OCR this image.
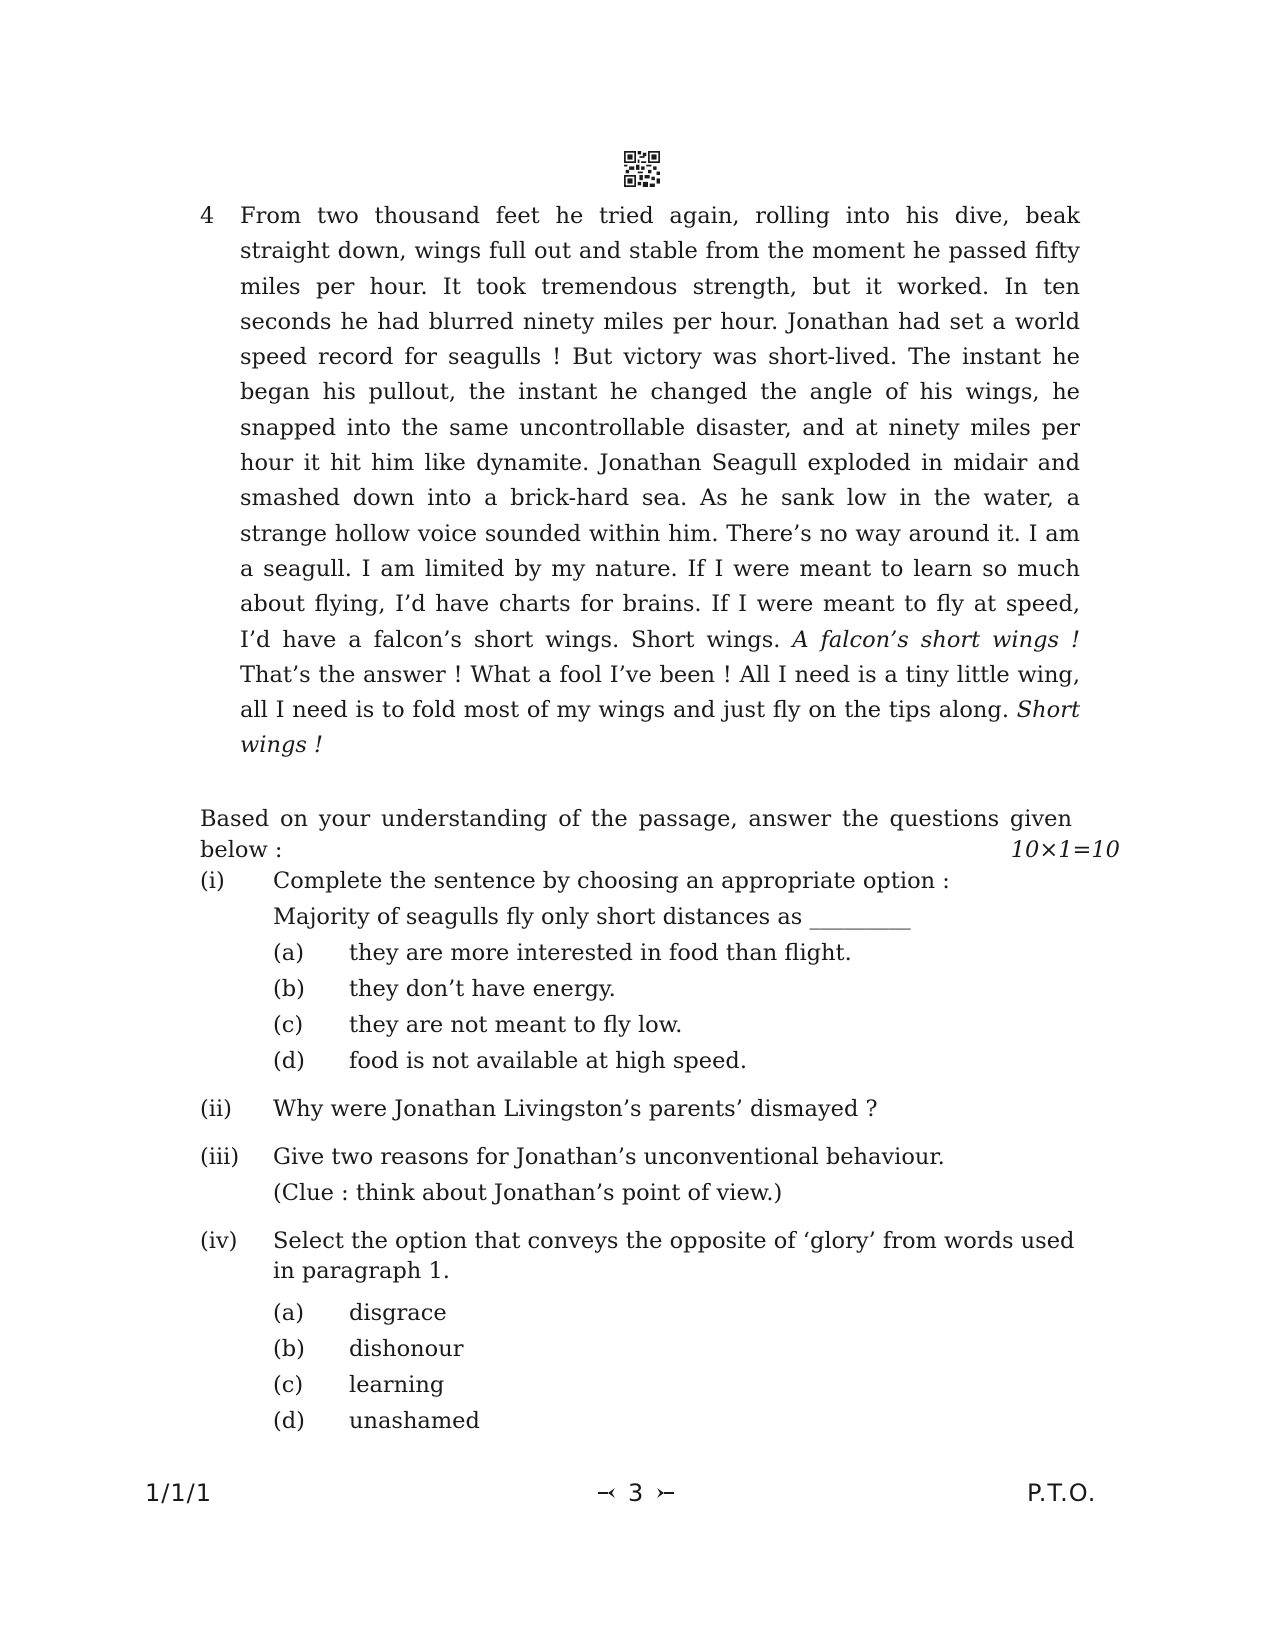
4 From two thousand feet he tried again, rolling into his dive, beak straight down, wings full out and stable from the moment he passed fifty miles per hour. It took tremendous strength, but it worked. In ten seconds he had blurred ninety miles per hour. Jonathan had set a world speed record for seagulls ! But victory was short-lived. The instant he began his pullout, the instant he changed the angle of his wings, he snapped into the same uncontrollable disaster, and at ninety miles per hour it hit him like dynamite. Jonathan Seagull exploded in midair and smashed down into a brick-hard sea. As he sank low in the water, a strange hollow voice sounded within him. There’s no way around it. I am a seagull. I am limited by my nature. If I were meant to learn so much about flying, I’d have charts for brains. If I were meant to fly at speed, I’d have a falcon’s short wings. Short wings. A falcon’s short wings ! That’s the answer ! What a fool I’ve been ! All I need is a tiny little wing, all I need is to fold most of my wings and just fly on the tips along. Short wings !

Based on your understanding of the passage, answer the questions given
below :	10×1=10
(i) Complete the sentence by choosing an appropriate option :
Majority of seagulls fly only short distances as _________
(a) they are more interested in food than flight.
(b) they don’t have energy.
(c) they are not meant to fly low.
(d) food is not available at high speed.
(ii) Why were Jonathan Livingston’s parents’ dismayed ?
(iii) Give two reasons for Jonathan’s unconventional behaviour.
(Clue : think about Jonathan’s point of view.)
(iv) Select the option that conveys the opposite of ‘glory’ from words used in paragraph 1.
(a) disgrace
(b) dishonour
(c) learning
(d) unashamed
1/1/1	3	P.T.O.
